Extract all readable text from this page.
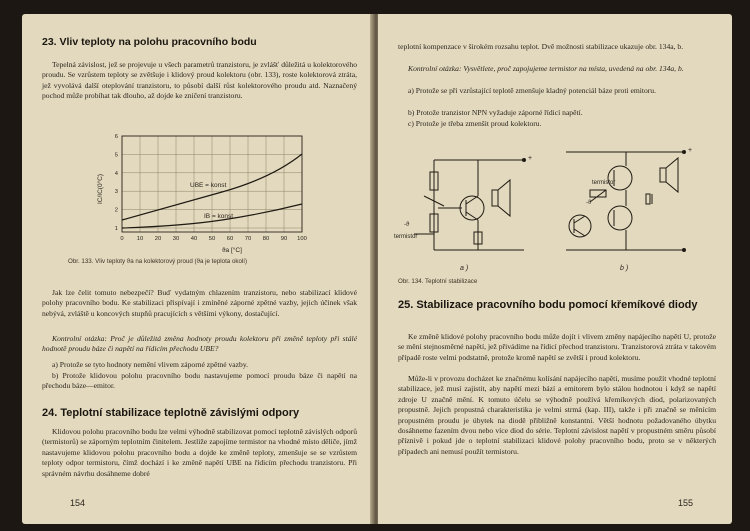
23. Vliv teploty na polohu pracovního bodu

Tepelná závislost, jež se projevuje u všech parametrů tranzistoru, je zvlášť důležitá u kolektorového proudu. Se vzrůstem teploty se zvětšuje i klidový proud kolektoru (obr. 133), roste kolektorová ztráta, jež vyvolává další oteplování tranzistoru, to působí další růst kolektorového proudu atd. Naznačený pochod může probíhat tak dlouho, až dojde ke zničení tranzistoru.

0 10 20 30 40 50 60 70 80 90 100
1
2
3
4
5
6
UBE = konst
IB = konst
ϑa [°C]
IC/IC(0°C)
Obr. 133. Vliv teploty ϑa na kolektorový proud (ϑa je teplota okolí)

Jak lze čelit tomuto nebezpečí? Buď vydatným chlazením tranzistoru, nebo stabilizací klidové polohy pracovního bodu. Ke stabilizaci přispívají i zmíněné záporné zpětné vazby, jejich účinek však nebývá, zvláště u koncových stupňů pracujících s většími výkony, dostačující.

Kontrolní otázka: Proč je důležitá změna hodnoty proudu kolektoru při změně teploty při stálé hodnotě proudu báze či napětí na řídicím přechodu UBE?

a) Protože se tyto hodnoty nemění vlivem záporné zpětné vazby.

b) Protože klidovou polohu pracovního bodu nastavujeme pomocí proudu báze či napětí na přechodu báze—emitor.

24. Teplotní stabilizace teplotně závislými odpory

Klidovou polohu pracovního bodu lze velmi výhodně stabilizovat pomocí teplotně závislých odporů (termistorů) se záporným teplotním činitelem. Jestliže zapojíme termistor na vhodné místo děliče, jímž nastavujeme klidovou polohu pracovního bodu a dojde ke změně teploty, zmenšuje se se vzrůstem teploty odpor termistoru, čímž dochází i ke změně napětí UBE na řídicím přechodu tranzistoru. Při správném návrhu dosáhneme dobré

154

teplotní kompenzace v širokém rozsahu teplot. Dvě možnosti stabilizace ukazuje obr. 134a, b.

Kontrolní otázka: Vysvětlete, proč zapojujeme termistor na místa, uvedená na obr. 134a, b.

a) Protože se při vzrůstající teplotě zmenšuje kladný potenciál báze proti emitoru.

b) Protože tranzistor NPN vyžaduje záporné řídicí napětí.

c) Protože je třeba zmenšit proud kolektoru.

termistor
-ϑ
+
a )
termistor
-ϑ
+
b )
Obr. 134. Teplotní stabilizace
25. Stabilizace pracovního bodu pomocí křemíkové diody

Ke změně klidové polohy pracovního bodu může dojít i vlivem změny napájecího napětí U, protože se mění stejnosměrné napětí, jež přivádíme na řídicí přechod tranzistoru. Tranzistorová ztráta v takovém případě roste velmi podstatně, protože kromě napětí se zvětší i proud kolektoru.

Může-li v provozu docházet ke značnému kolísání napájecího napětí, musíme použít vhodné teplotní stabilizace, jež musí zajistit, aby napětí mezi bází a emitorem bylo stálou hodnotou i když se napětí zdroje U značně mění. K tomuto účelu se výhodně používá křemíkových diod, polarizovaných propustně. Jejich propustná charakteristika je velmi strmá (kap. III), takže i při značně se měnícím propustném proudu je úbytek na diodě přibližně konstantní. Větší hodnotu požadovaného úbytku dosáhneme fazením dvou nebo více diod do série. Teplotní závislost napětí v propustném směru působí příznivě i pokud jde o teplotní stabilizaci klidové polohy pracovního bodu, proto se v některých případech ani nemusí použít termistoru.

155
